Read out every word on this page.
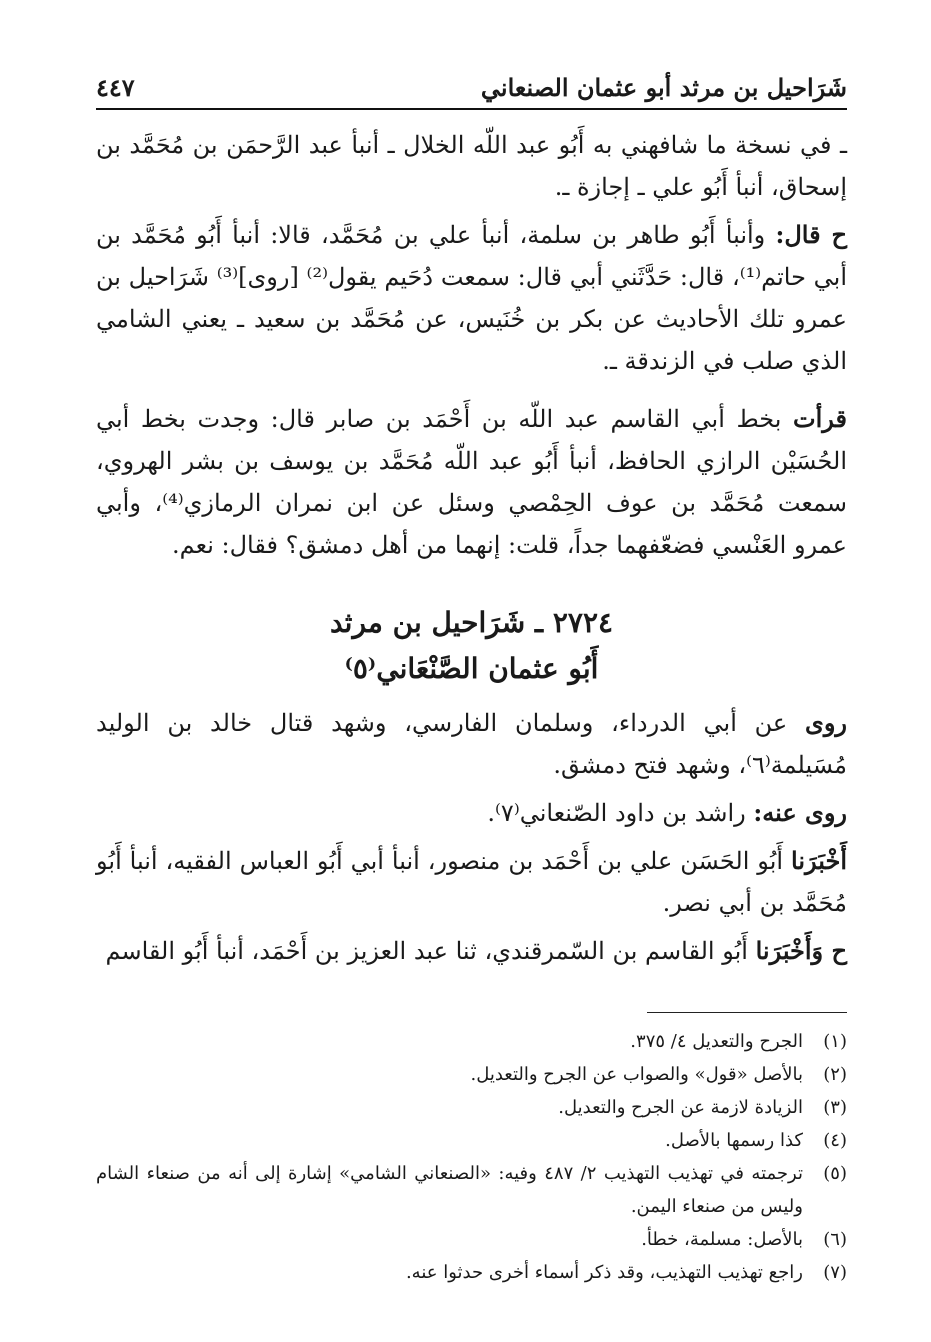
شَرَاحيل بن مرثد أبو عثمان الصنعاني
٤٤٧

ـ في نسخة ما شافهني به أَبُو عبد اللّه الخلال ـ أنبأ عبد الرَّحمَن بن مُحَمَّد بن إسحاق، أنبأ أَبُو علي ـ إجازة ـ.

ح قال: وأنبأ أَبُو طاهر بن سلمة، أنبأ علي بن مُحَمَّد، قالا: أنبأ أَبُو مُحَمَّد بن أبي حاتم⁽¹⁾، قال: حَدَّثَني أبي قال: سمعت دُحَيم يقول⁽²⁾ [روى]⁽³⁾ شَرَاحيل بن عمرو تلك الأحاديث عن بكر بن خُنَيس، عن مُحَمَّد بن سعيد ـ يعني الشامي الذي صلب في الزندقة ـ.

قرأت بخط أبي القاسم عبد اللّه بن أَحْمَد بن صابر قال: وجدت بخط أبي الحُسَيْن الرازي الحافظ، أنبأ أَبُو عبد اللّه مُحَمَّد بن يوسف بن بشر الهروي، سمعت مُحَمَّد بن عوف الحِمْصي وسئل عن ابن نمران الرمازي⁽⁴⁾، وأبي عمرو العَنْسي فضعّفهما جداً، قلت: إنهما من أهل دمشق؟ فقال: نعم.

٢٧٢٤ ـ شَرَاحيل بن مرثد
أَبُو عثمان الصَّنْعَاني⁽٥⁾

روى عن أبي الدرداء، وسلمان الفارسي، وشهد قتال خالد بن الوليد مُسَيلمة⁽٦⁾، وشهد فتح دمشق.

روى عنه: راشد بن داود الصّنعاني⁽٧⁾.

أَخْبَرَنا أَبُو الحَسَن علي بن أَحْمَد بن منصور، أنبأ أبي أَبُو العباس الفقيه، أنبأ أَبُو مُحَمَّد بن أبي نصر.

ح وَأَخْبَرَنا أَبُو القاسم بن السّمرقندي، ثنا عبد العزيز بن أَحْمَد، أنبأ أَبُو القاسم

(١)
الجرح والتعديل ٤/ ٣٧٥.
(٢)
بالأصل «قول» والصواب عن الجرح والتعديل.
(٣)
الزيادة لازمة عن الجرح والتعديل.
(٤)
كذا رسمها بالأصل.
(٥)
ترجمته في تهذيب التهذيب ٢/ ٤٨٧ وفيه: «الصنعاني الشامي» إشارة إلى أنه من صنعاء الشام وليس من صنعاء اليمن.
(٦)
بالأصل: مسلمة، خطأ.
(٧)
راجع تهذيب التهذيب، وقد ذكر أسماء أخرى حدثوا عنه.
